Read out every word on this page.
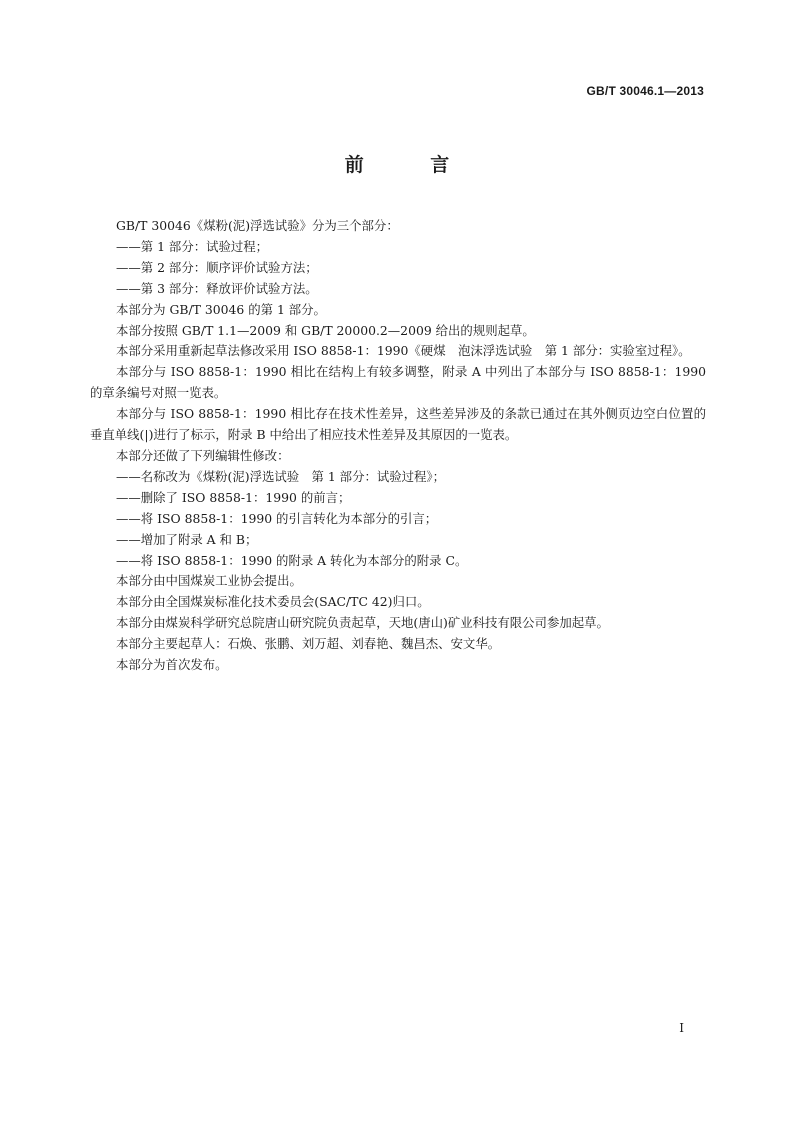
GB/T 30046.1—2013
前 言

GB/T 30046《煤粉(泥)浮选试验》分为三个部分：

——第 1 部分：试验过程；

——第 2 部分：顺序评价试验方法；

——第 3 部分：释放评价试验方法。

本部分为 GB/T 30046 的第 1 部分。

本部分按照 GB/T 1.1—2009 和 GB/T 20000.2—2009 给出的规则起草。

本部分采用重新起草法修改采用 ISO 8858-1：1990《硬煤　泡沫浮选试验　第 1 部分：实验室过程》。

本部分与 ISO 8858-1：1990 相比在结构上有较多调整，附录 A 中列出了本部分与 ISO 8858-1：1990 的章条编号对照一览表。

本部分与 ISO 8858-1：1990 相比存在技术性差异，这些差异涉及的条款已通过在其外侧页边空白位置的垂直单线(|)进行了标示，附录 B 中给出了相应技术性差异及其原因的一览表。

本部分还做了下列编辑性修改：

——名称改为《煤粉(泥)浮选试验　第 1 部分：试验过程》；

——删除了 ISO 8858-1：1990 的前言；

——将 ISO 8858-1：1990 的引言转化为本部分的引言；

——增加了附录 A 和 B；

——将 ISO 8858-1：1990 的附录 A 转化为本部分的附录 C。

本部分由中国煤炭工业协会提出。

本部分由全国煤炭标准化技术委员会(SAC/TC 42)归口。

本部分由煤炭科学研究总院唐山研究院负责起草，天地(唐山)矿业科技有限公司参加起草。

本部分主要起草人：石焕、张鹏、刘万超、刘春艳、魏昌杰、安文华。

本部分为首次发布。

I
